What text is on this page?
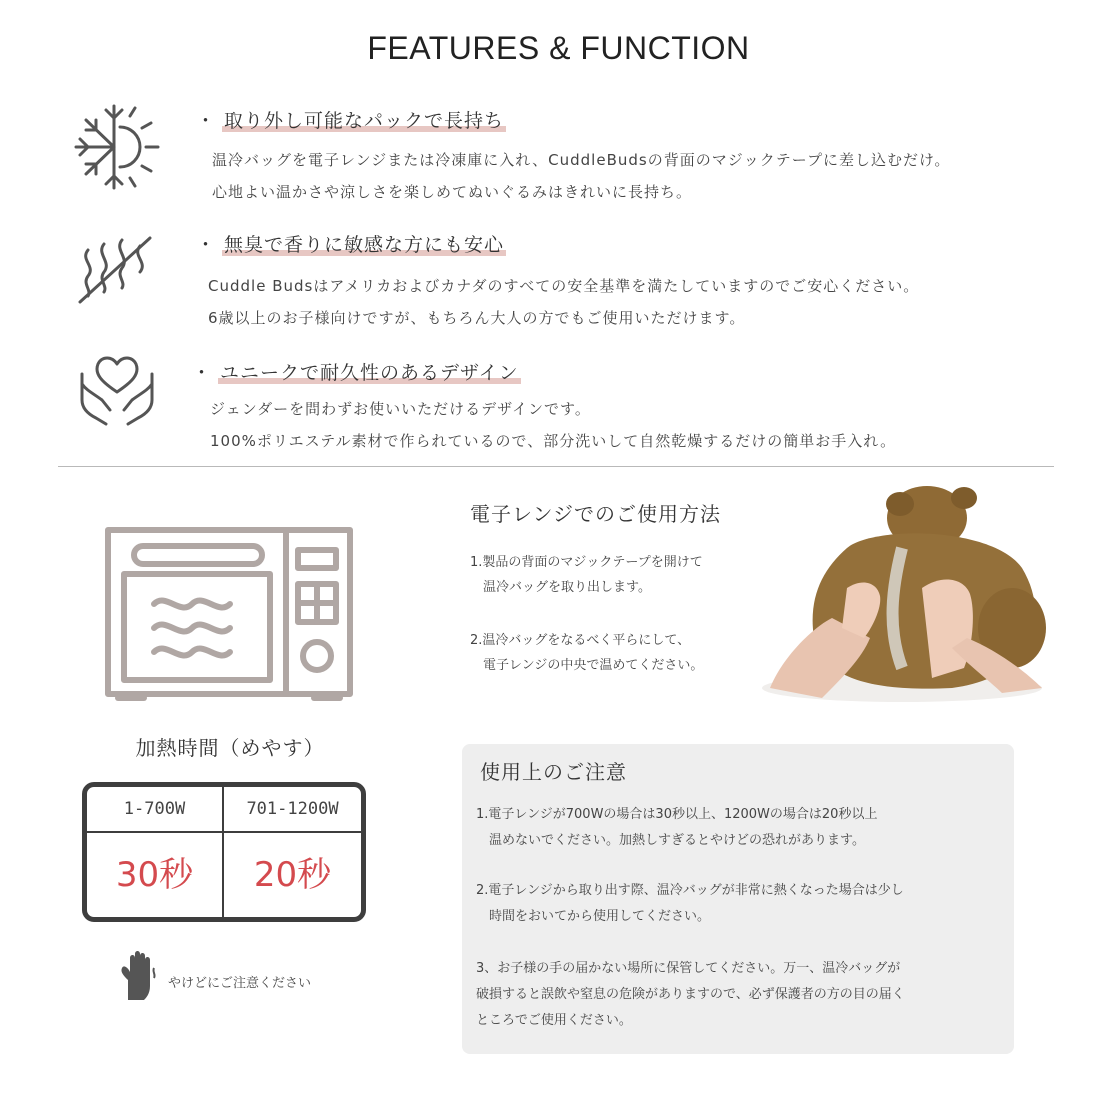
FEATURES & FUNCTION
・ 取り外し可能なパックで長持ち
温冷バッグを電子レンジまたは冷凍庫に入れ、CuddleBudsの背面のマジックテープに差し込むだけ。
心地よい温かさや涼しさを楽しめてぬいぐるみはきれいに長持ち。
・ 無臭で香りに敏感な方にも安心
Cuddle Budsはアメリカおよびカナダのすべての安全基準を満たしていますのでご安心ください。
6歳以上のお子様向けですが、もちろん大人の方でもご使用いただけます。
・ ユニークで耐久性のあるデザイン
ジェンダーを問わずお使いいただけるデザインです。
100%ポリエステル素材で作られているので、部分洗いして自然乾燥するだけの簡単お手入れ。
加熱時間（めやす）
1-700W
30秒
701-1200W
20秒
やけどにご注意ください
電子レンジでのご使用方法
1.製品の背面のマジックテープを開けて
　温冷バッグを取り出します。
2.温冷バッグをなるべく平らにして、
　電子レンジの中央で温めてください。
使用上のご注意
1.電子レンジが700Wの場合は30秒以上、1200Wの場合は20秒以上
　温めないでください。加熱しすぎるとやけどの恐れがあります。
2.電子レンジから取り出す際、温冷バッグが非常に熱くなった場合は少し
　時間をおいてから使用してください。
3、お子様の手の届かない場所に保管してください。万一、温冷バッグが
破損すると誤飲や窒息の危険がありますので、必ず保護者の方の目の届く
ところでご使用ください。
